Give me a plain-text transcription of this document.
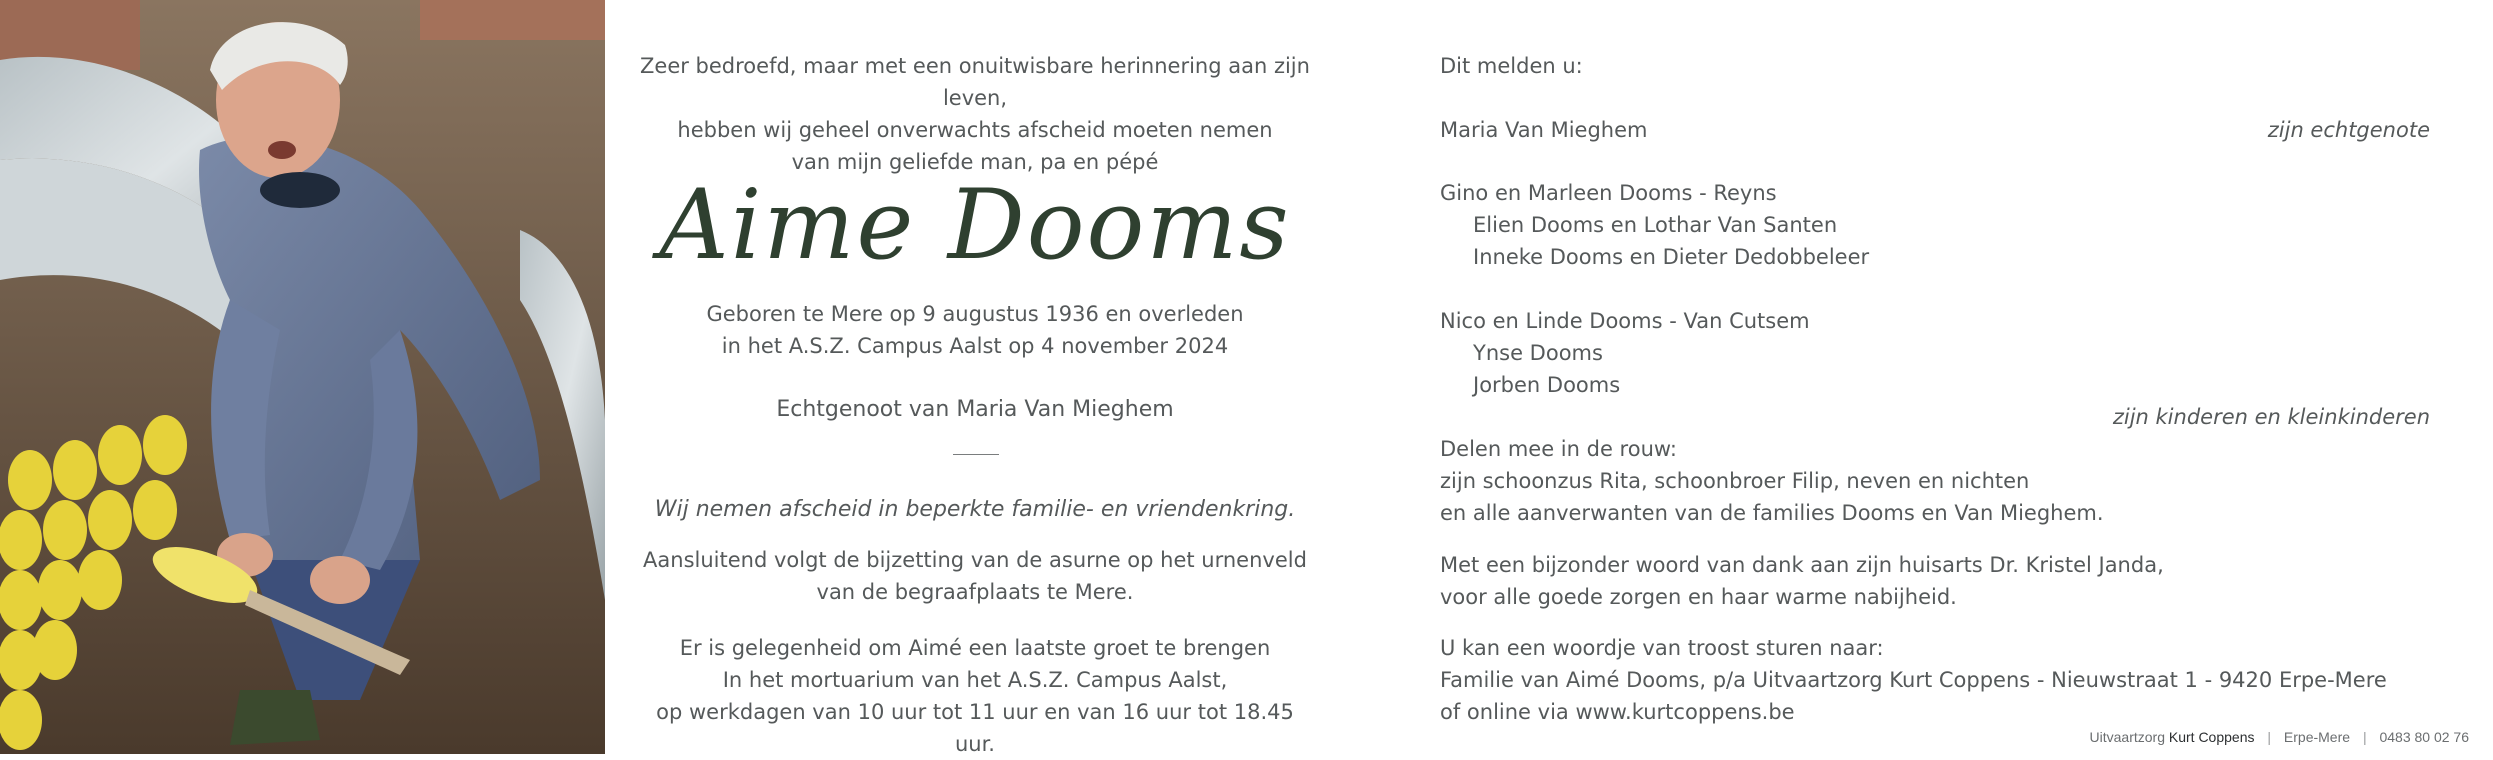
Zeer bedroefd, maar met een onuitwisbare herinnering aan zijn leven,
hebben wij geheel onverwachts afscheid moeten nemen
van mijn geliefde man, pa en pépé
Aime Dooms
Geboren te Mere op 9 augustus 1936 en overleden
in het A.S.Z. Campus Aalst op 4 november 2024
Echtgenoot van Maria Van Mieghem
Wij nemen afscheid in beperkte familie- en vriendenkring.
Aansluitend volgt de bijzetting van de asurne op het urnenveld
van de begraafplaats te Mere.
Er is gelegenheid om Aimé een laatste groet te brengen
In het mortuarium van het A.S.Z. Campus Aalst,
op werkdagen van 10 uur tot 11 uur en van 16 uur tot 18.45 uur.
Dit melden u:
Maria Van Mieghem	zijn echtgenote
Gino en Marleen Dooms - Reyns
Elien Dooms en Lothar Van Santen
Inneke Dooms en Dieter Dedobbeleer
Nico en Linde Dooms - Van Cutsem
Ynse Dooms
Jorben Dooms
zijn kinderen en kleinkinderen
Delen mee in de rouw:
zijn schoonzus Rita, schoonbroer Filip, neven en nichten
en alle aanverwanten van de families Dooms en Van Mieghem.
Met een bijzonder woord van dank aan zijn huisarts Dr. Kristel Janda,
voor alle goede zorgen en haar warme nabijheid.
U kan een woordje van troost sturen naar:
Familie van Aimé Dooms, p/a Uitvaartzorg Kurt Coppens - Nieuwstraat 1 - 9420 Erpe-Mere
of online via www.kurtcoppens.be
Uitvaartzorg Kurt Coppens | Erpe-Mere | 0483 80 02 76
